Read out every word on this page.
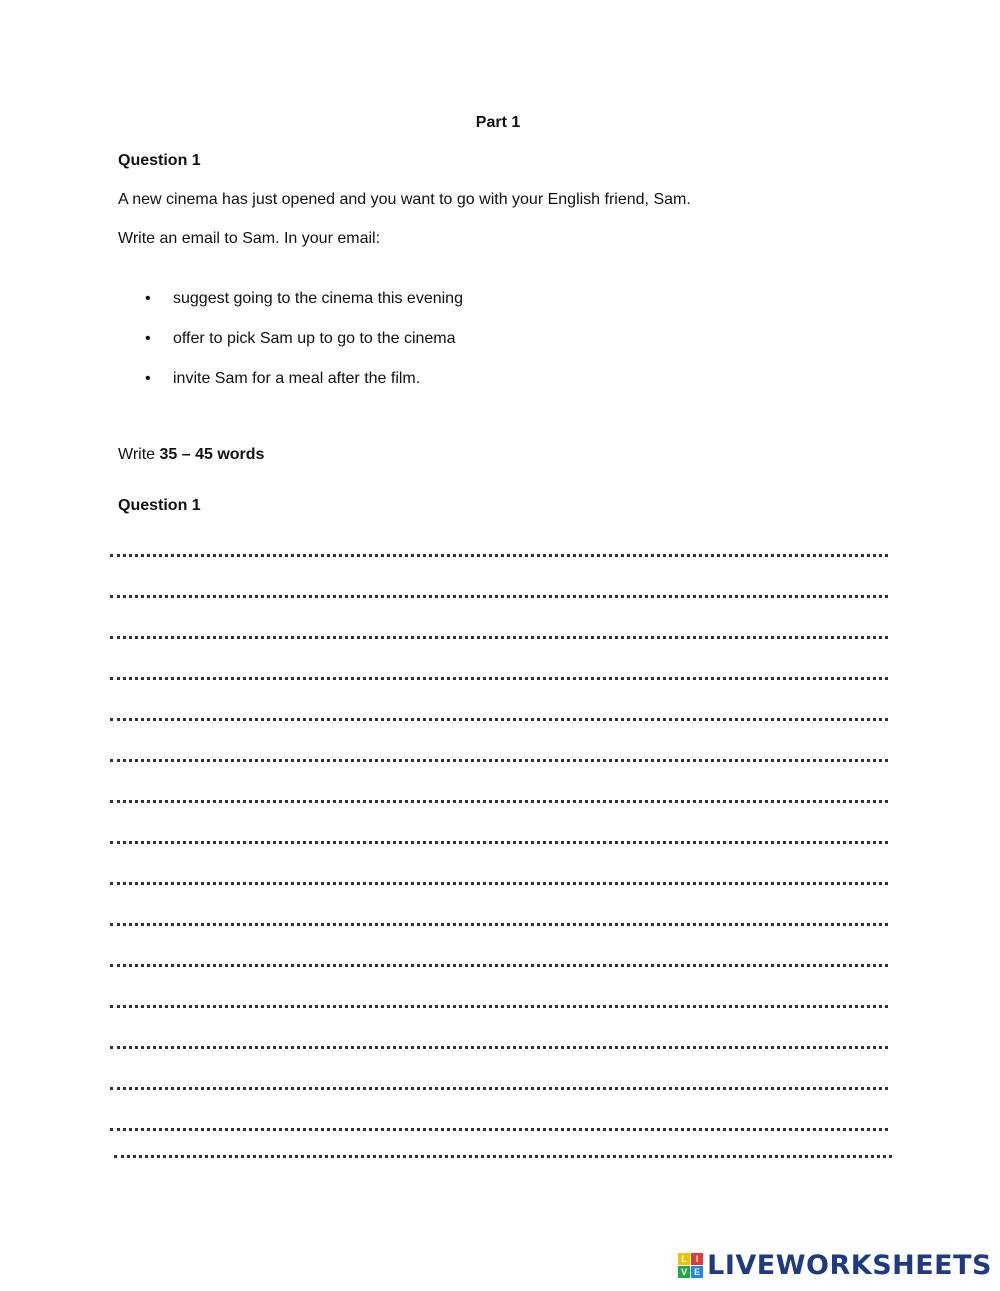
Part 1
Question 1
A new cinema has just opened and you want to go with your English friend, Sam.
Write an email to Sam. In your email:
• suggest going to the cinema this evening
• offer to pick Sam up to go to the cinema
• invite Sam for a meal after the film.
Write 35 – 45 words
Question 1
L I
V E LIVEWORKSHEETS
